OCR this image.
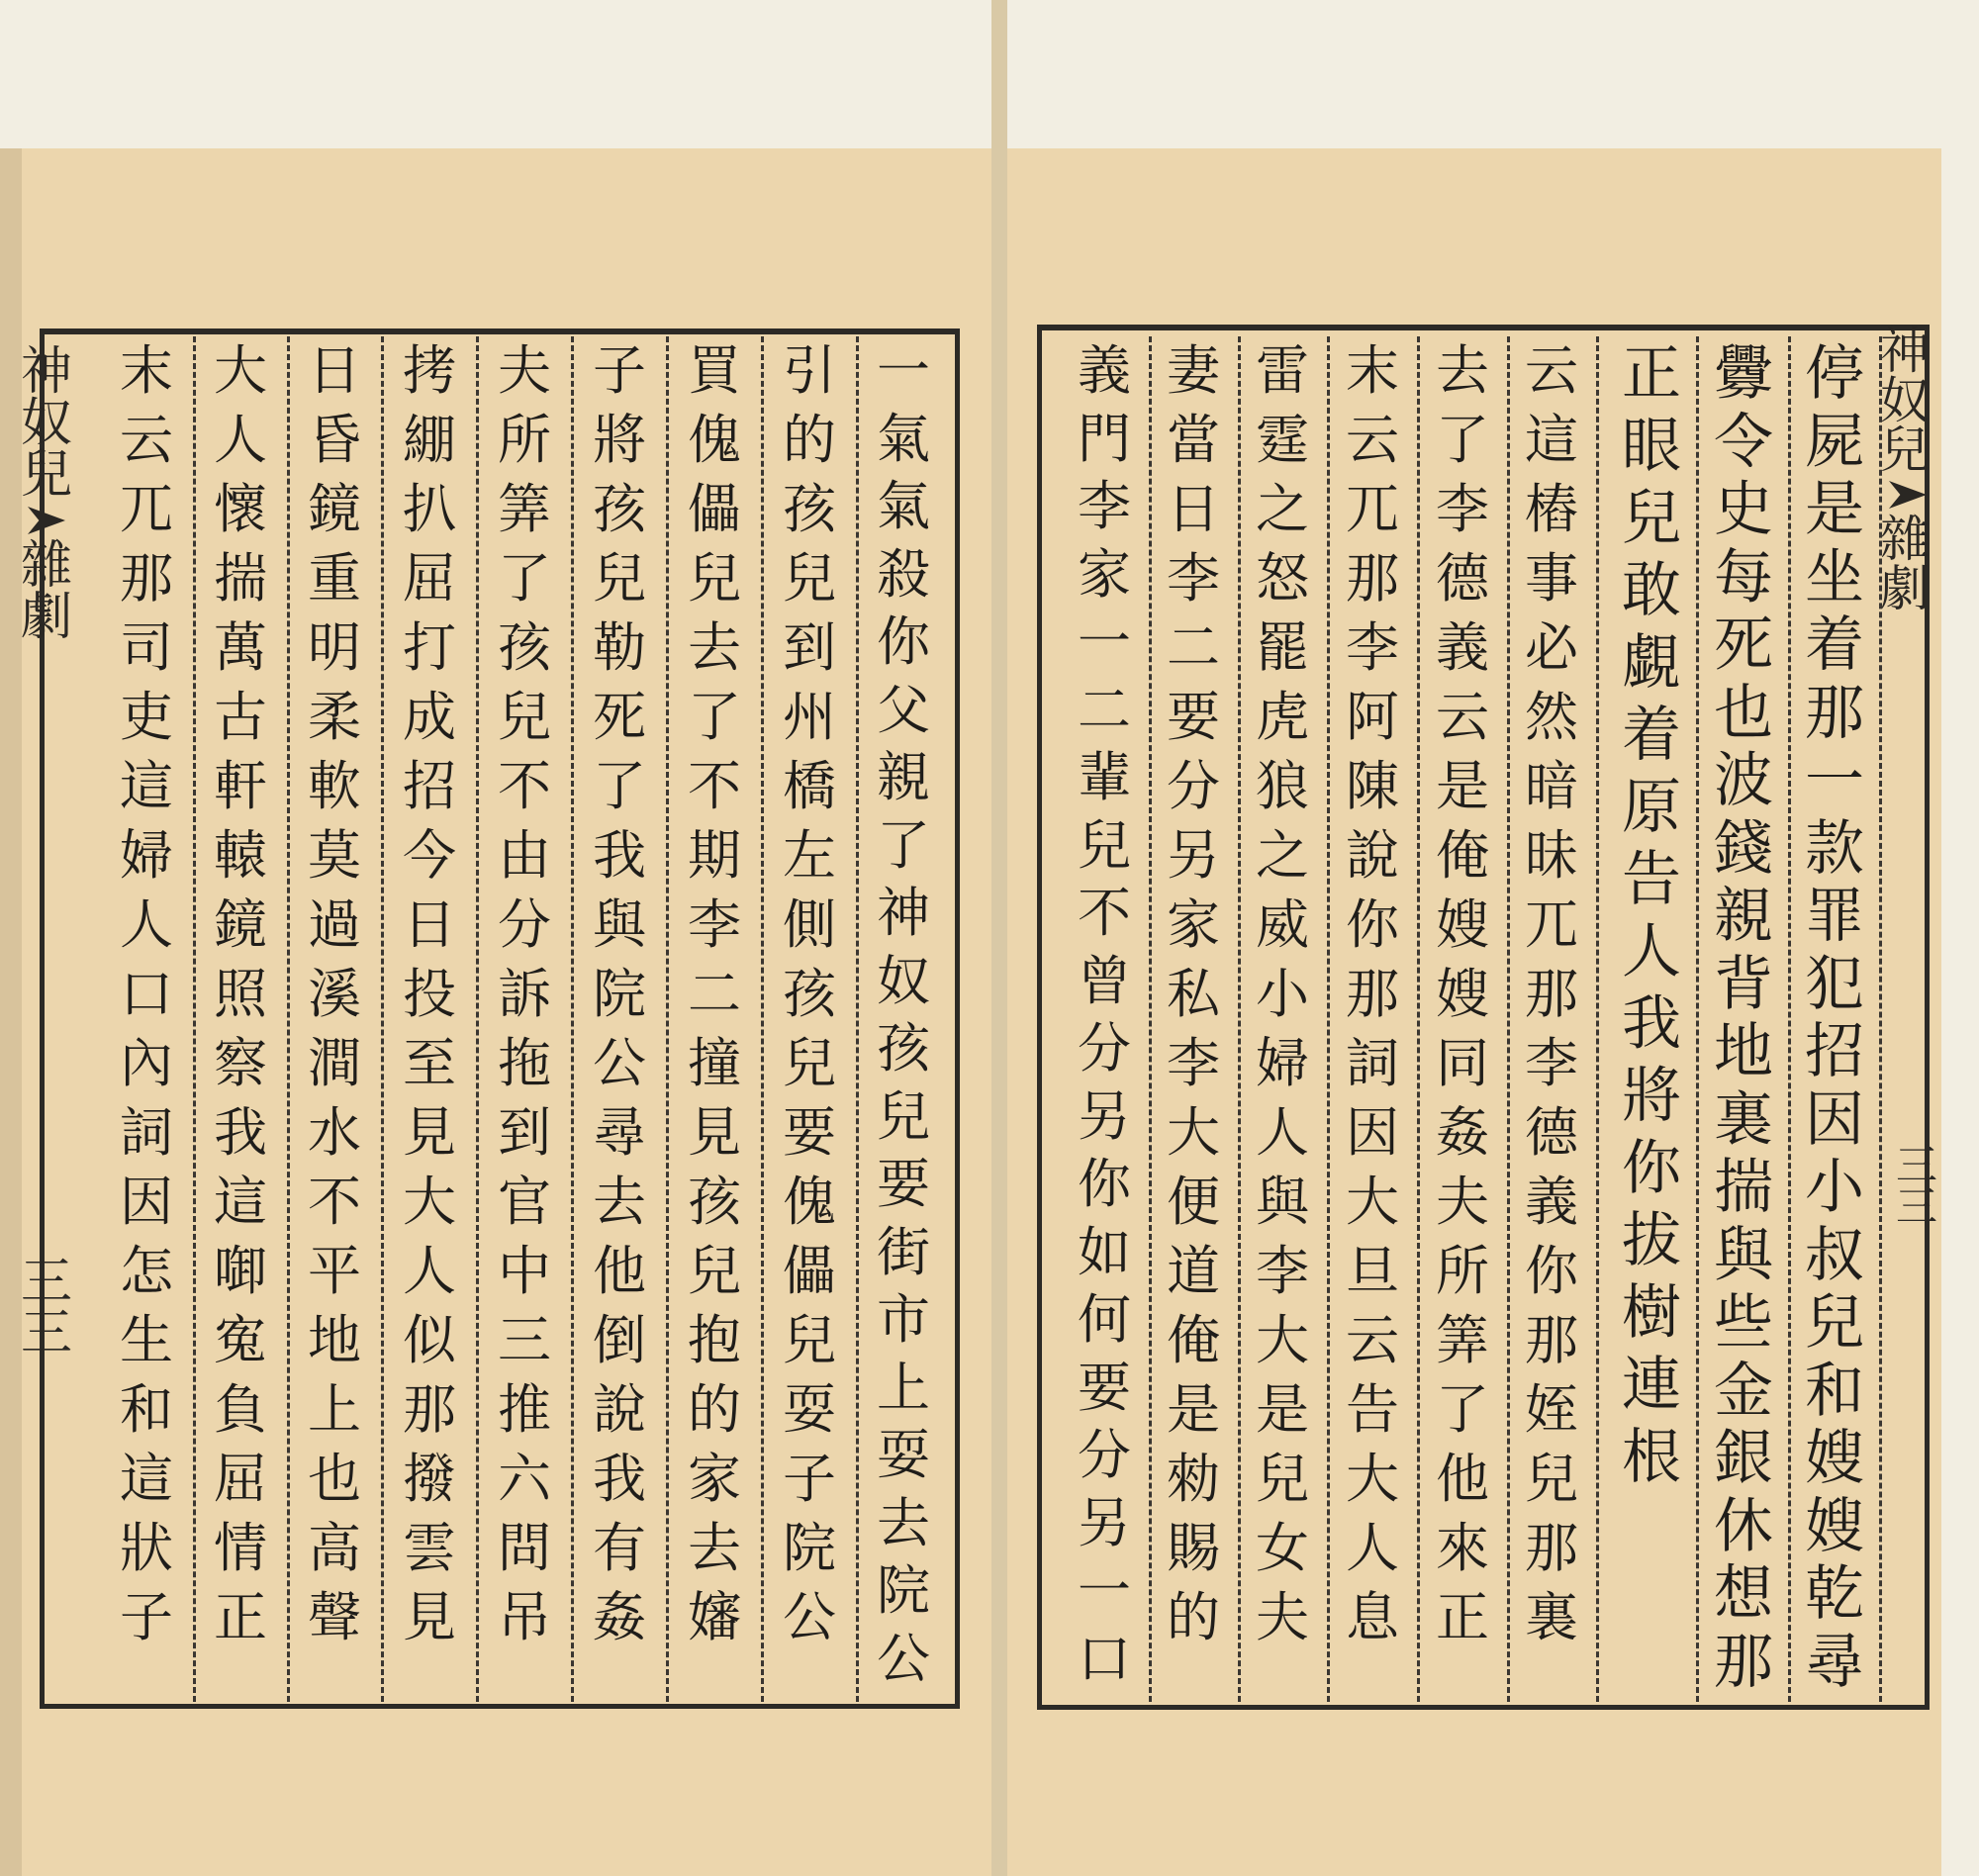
神奴兒
雜劇
三三
神奴兒
雜劇
三三
一
氣
氣
殺
你
父
親
了
神
奴
孩
兒
要
街
市
上
耍
去
院
公
引
的
孩
兒
到
州
橋
左
側
孩
兒
要
傀
儡
兒
耍
子
院
公
買
傀
儡
兒
去
了
不
期
李
二
撞
見
孩
兒
抱
的
家
去
嬸
子
將
孩
兒
勒
死
了
我
與
院
公
尋
去
他
倒
說
我
有
姦
夫
所
筭
了
孩
兒
不
由
分
訴
拖
到
官
中
三
推
六
問
吊
拷
綳
扒
屈
打
成
招
今
日
投
至
見
大
人
似
那
撥
雲
見
日
昏
鏡
重
明
柔
軟
莫
過
溪
澗
水
不
平
地
上
也
高
聲
大
人
懷
揣
萬
古
軒
轅
鏡
照
察
我
這
啣
寃
負
屈
情
正
末
云
兀
那
司
吏
這
婦
人
口
內
詞
因
怎
生
和
這
狀
子
停
屍
是
坐
着
那
一
款
罪
犯
招
因
小
叔
兒
和
嫂
嫂
乾
尋
釁
令
史
每
死
也
波
錢
親
背
地
裏
揣
與
些
金
銀
休
想
那
正
眼
兒
敢
覷
着
原
告
人
我
將
你
拔
樹
連
根
云
這
樁
事
必
然
暗
昧
兀
那
李
德
義
你
那
姪
兒
那
裏
去
了
李
德
義
云
是
俺
嫂
嫂
同
姦
夫
所
筭
了
他
來
正
末
云
兀
那
李
阿
陳
說
你
那
詞
因
大
旦
云
告
大
人
息
雷
霆
之
怒
罷
虎
狼
之
威
小
婦
人
與
李
大
是
兒
女
夫
妻
當
日
李
二
要
分
另
家
私
李
大
便
道
俺
是
勑
賜
的
義
門
李
家
一
二
輩
兒
不
曾
分
另
你
如
何
要
分
另
一
口
